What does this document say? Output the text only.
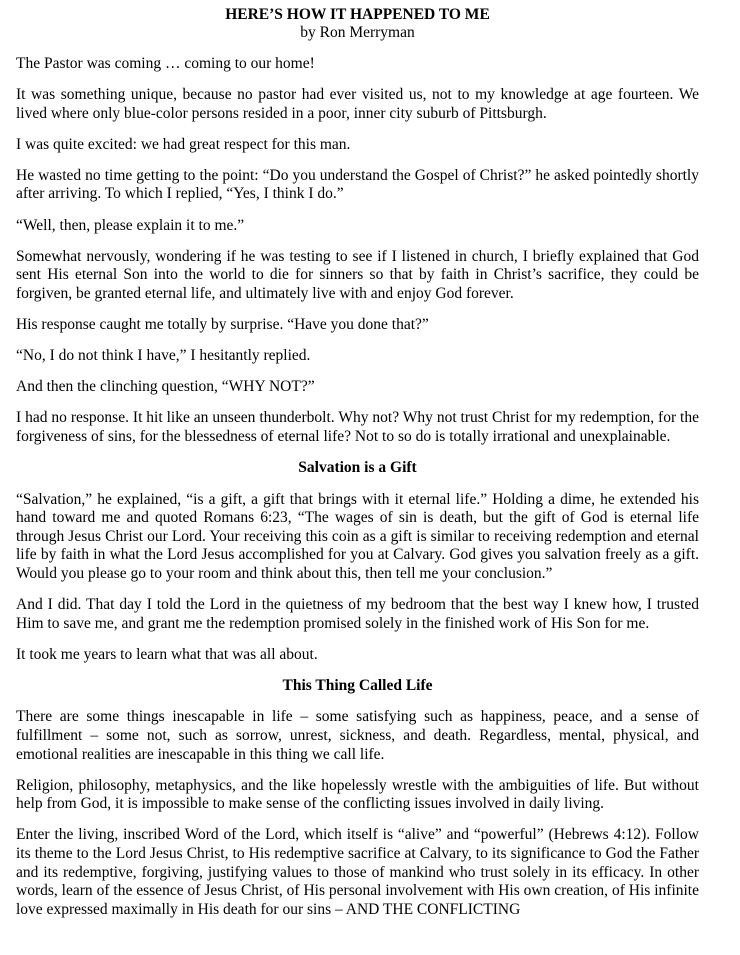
HERE’S HOW IT HAPPENED TO ME

by Ron Merryman

The Pastor was coming … coming to our home!

It was something unique, because no pastor had ever visited us, not to my knowledge at age fourteen. We lived where only blue-color persons resided in a poor, inner city suburb of Pittsburgh.

I was quite excited: we had great respect for this man.

He wasted no time getting to the point: “Do you understand the Gospel of Christ?” he asked pointedly shortly after arriving. To which I replied, “Yes, I think I do.”

“Well, then, please explain it to me.”

Somewhat nervously, wondering if he was testing to see if I listened in church, I briefly explained that God sent His eternal Son into the world to die for sinners so that by faith in Christ’s sacrifice, they could be forgiven, be granted eternal life, and ultimately live with and enjoy God forever.

His response caught me totally by surprise. “Have you done that?”

“No, I do not think I have,” I hesitantly replied.

And then the clinching question, “WHY NOT?”

I had no response. It hit like an unseen thunderbolt. Why not? Why not trust Christ for my redemption, for the forgiveness of sins, for the blessedness of eternal life? Not to so do is totally irrational and unexplainable.

Salvation is a Gift

“Salvation,” he explained, “is a gift, a gift that brings with it eternal life.” Holding a dime, he extended his hand toward me and quoted Romans 6:23, “The wages of sin is death, but the gift of God is eternal life through Jesus Christ our Lord. Your receiving this coin as a gift is similar to receiving redemption and eternal life by faith in what the Lord Jesus accomplished for you at Calvary. God gives you salvation freely as a gift. Would you please go to your room and think about this, then tell me your conclusion.”

And I did. That day I told the Lord in the quietness of my bedroom that the best way I knew how, I trusted Him to save me, and grant me the redemption promised solely in the finished work of His Son for me.

It took me years to learn what that was all about.

This Thing Called Life

There are some things inescapable in life – some satisfying such as happiness, peace, and a sense of fulfillment – some not, such as sorrow, unrest, sickness, and death. Regardless, mental, physical, and emotional realities are inescapable in this thing we call life.

Religion, philosophy, metaphysics, and the like hopelessly wrestle with the ambiguities of life. But without help from God, it is impossible to make sense of the conflicting issues involved in daily living.

Enter the living, inscribed Word of the Lord, which itself is “alive” and “powerful” (Hebrews 4:12). Follow its theme to the Lord Jesus Christ, to His redemptive sacrifice at Calvary, to its significance to God the Father and its redemptive, forgiving, justifying values to those of mankind who trust solely in its efficacy. In other words, learn of the essence of Jesus Christ, of His personal involvement with His own creation, of His infinite love expressed maximally in His death for our sins – AND THE CONFLICTING
